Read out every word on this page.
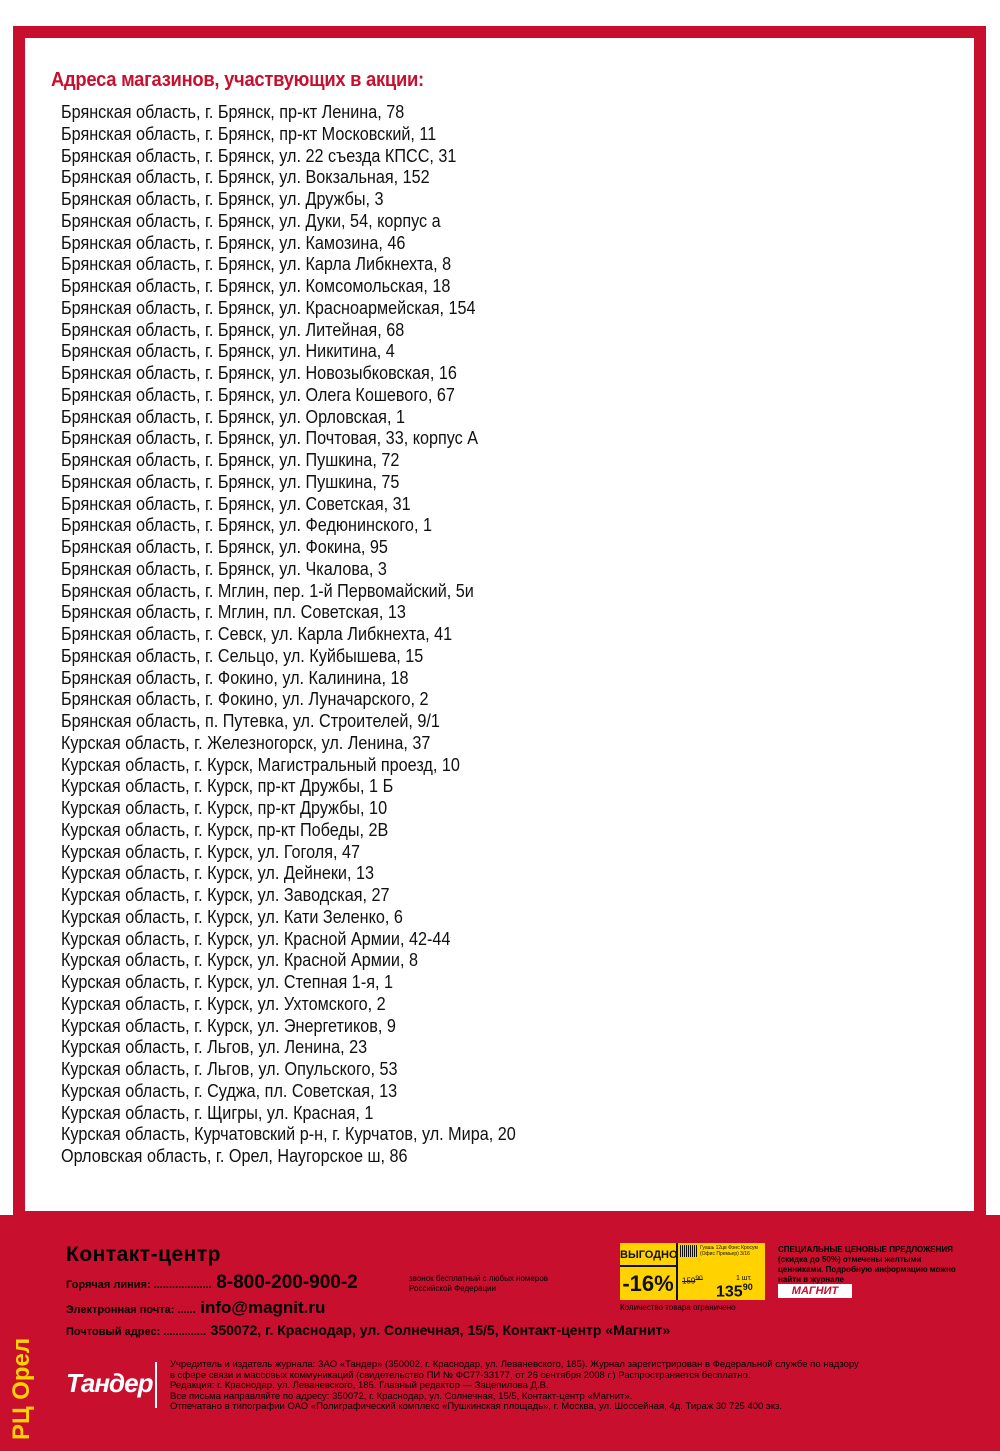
Адреса магазинов, участвующих в акции:
Брянская область, г. Брянск, пр-кт Ленина, 78
Брянская область, г. Брянск, пр-кт Московский, 11
Брянская область, г. Брянск, ул. 22 съезда КПСС, 31
Брянская область, г. Брянск, ул. Вокзальная, 152
Брянская область, г. Брянск, ул. Дружбы, 3
Брянская область, г. Брянск, ул. Дуки, 54, корпус а
Брянская область, г. Брянск, ул. Камозина, 46
Брянская область, г. Брянск, ул. Карла Либкнехта, 8
Брянская область, г. Брянск, ул. Комсомольская, 18
Брянская область, г. Брянск, ул. Красноармейская, 154
Брянская область, г. Брянск, ул. Литейная, 68
Брянская область, г. Брянск, ул. Никитина, 4
Брянская область, г. Брянск, ул. Новозыбковская, 16
Брянская область, г. Брянск, ул. Олега Кошевого, 67
Брянская область, г. Брянск, ул. Орловская, 1
Брянская область, г. Брянск, ул. Почтовая, 33, корпус А
Брянская область, г. Брянск, ул. Пушкина, 72
Брянская область, г. Брянск, ул. Пушкина, 75
Брянская область, г. Брянск, ул. Советская, 31
Брянская область, г. Брянск, ул. Федюнинского, 1
Брянская область, г. Брянск, ул. Фокина, 95
Брянская область, г. Брянск, ул. Чкалова, 3
Брянская область, г. Мглин, пер. 1-й Первомайский, 5и
Брянская область, г. Мглин, пл. Советская, 13
Брянская область, г. Севск, ул. Карла Либкнехта, 41
Брянская область, г. Сельцо, ул. Куйбышева, 15
Брянская область, г. Фокино, ул. Калинина, 18
Брянская область, г. Фокино, ул. Луначарского, 2
Брянская область, п. Путевка, ул. Строителей, 9/1
Курская область, г. Железногорск, ул. Ленина, 37
Курская область, г. Курск, Магистральный проезд, 10
Курская область, г. Курск, пр-кт Дружбы, 1 Б
Курская область, г. Курск, пр-кт Дружбы, 10
Курская область, г. Курск, пр-кт Победы, 2В
Курская область, г. Курск, ул. Гоголя, 47
Курская область, г. Курск, ул. Дейнеки, 13
Курская область, г. Курск, ул. Заводская, 27
Курская область, г. Курск, ул. Кати Зеленко, 6
Курская область, г. Курск, ул. Красной Армии, 42-44
Курская область, г. Курск, ул. Красной Армии, 8
Курская область, г. Курск, ул. Степная 1-я, 1
Курская область, г. Курск, ул. Ухтомского, 2
Курская область, г. Курск, ул. Энергетиков, 9
Курская область, г. Льгов, ул. Ленина, 23
Курская область, г. Льгов, ул. Опульского, 53
Курская область, г. Суджа, пл. Советская, 13
Курская область, г. Щигры, ул. Красная, 1
Курская область, Курчатовский р-н, г. Курчатов, ул. Мира, 20
Орловская область, г. Орел, Наугорское ш, 86
РЦ Орел
Контакт-центр
Горячая линия: ................... 8-800-200-900-2	звонок бесплатный с любых номеров Российской Федерации
Электронная почта: ...... info@magnit.ru
Почтовый адрес: .............. 350072, г. Краснодар, ул. Солнечная, 15/5, Контакт-центр «Магнит»
ВЫГОДНО
-16%
Гуашь 12цв Фэнс Кросум (Офис Премьер) 3/16
$159^{90}$	1 шт.
$135^{90}$
Количество товара ограничено
СПЕЦИАЛЬНЫЕ ЦЕНОВЫЕ ПРЕДЛОЖЕНИЯ (скидка до 50%) отмечены желтыми ценниками. Подробную информацию можно найти в журнале
МАГНИТ
Тандер
Учредитель и издатель журнала: ЗАО «Тандер» (350002, г. Краснодар, ул. Леваневского, 185). Журнал зарегистрирован в Федеральной службе по надзору
в сфере связи и массовых коммуникаций (свидетельство ПИ № ФС77-33177, от 26 сентября 2008 г.) Распространяется бесплатно.
Редакция: г. Краснодар, ул. Леваневского, 185. Главный редактор — Зацепилова Д.В.
Все письма направляйте по адресу: 350072, г. Краснодар, ул. Солнечная, 15/5, Контакт-центр «Магнит».
Отпечатано в типографии ОАО «Полиграфический комплекс «Пушкинская площадь», г. Москва, ул. Шоссейная, 4д. Тираж 30 725 400 экз.
